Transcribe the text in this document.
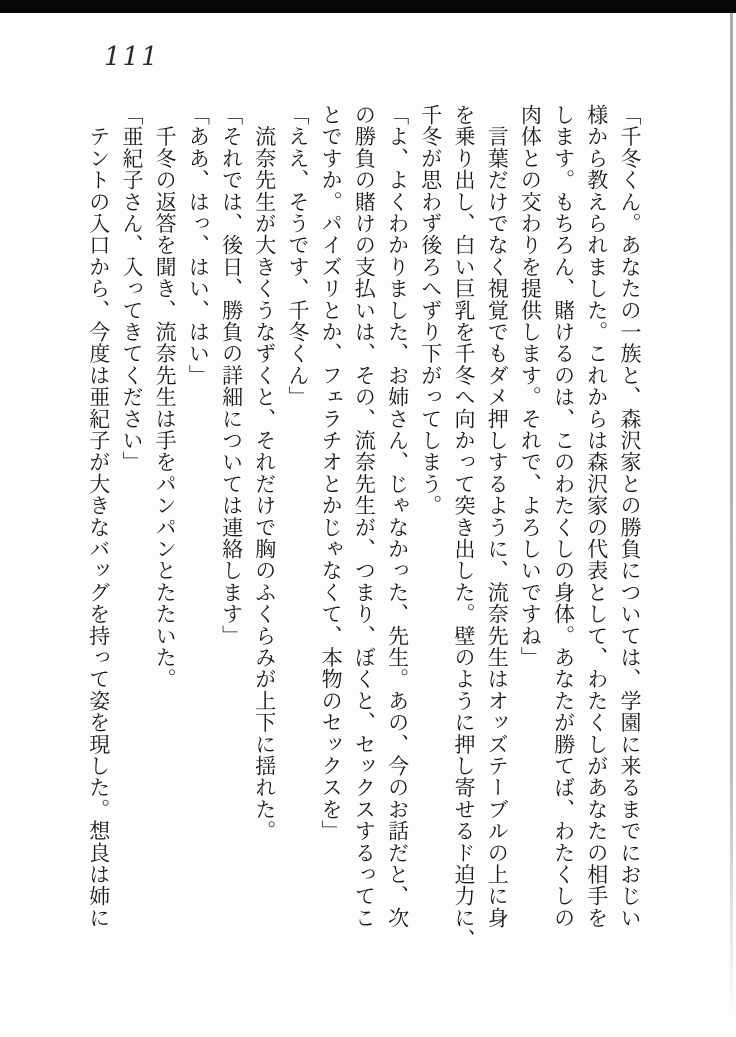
111

「千冬くん。あなたの一族と、森沢家との勝負については、学園に来るまでにおじい

様から教えられました。これからは森沢家の代表として、わたくしがあなたの相手を

します。もちろん、賭けるのは、このわたくしの身体。あなたが勝てば、わたくしの

肉体との交わりを提供します。それで、よろしいですね」

　言葉だけでなく視覚でもダメ押しするように、流奈先生はオッズテーブルの上に身

を乗り出し、白い巨乳を千冬へ向かって突き出した。壁のように押し寄せるド迫力に、

千冬が思わず後ろへずり下がってしまう。

「よ、よくわかりました、お姉さん、じゃなかった、先生。あの、今のお話だと、次

の勝負の賭けの支払いは、その、流奈先生が、つまり、ぼくと、セックスするってこ

とですか。パイズリとか、フェラチオとかじゃなくて、本物のセックスを」

「ええ、そうです、千冬くん」

　流奈先生が大きくうなずくと、それだけで胸のふくらみが上下に揺れた。

「それでは、後日、勝負の詳細については連絡します」

「ああ、はっ、はい、はい」

　千冬の返答を聞き、流奈先生は手をパンパンとたたいた。

「亜紀子さん、入ってきてください」

　テントの入口から、今度は亜紀子が大きなバッグを持って姿を現した。想良は姉に
